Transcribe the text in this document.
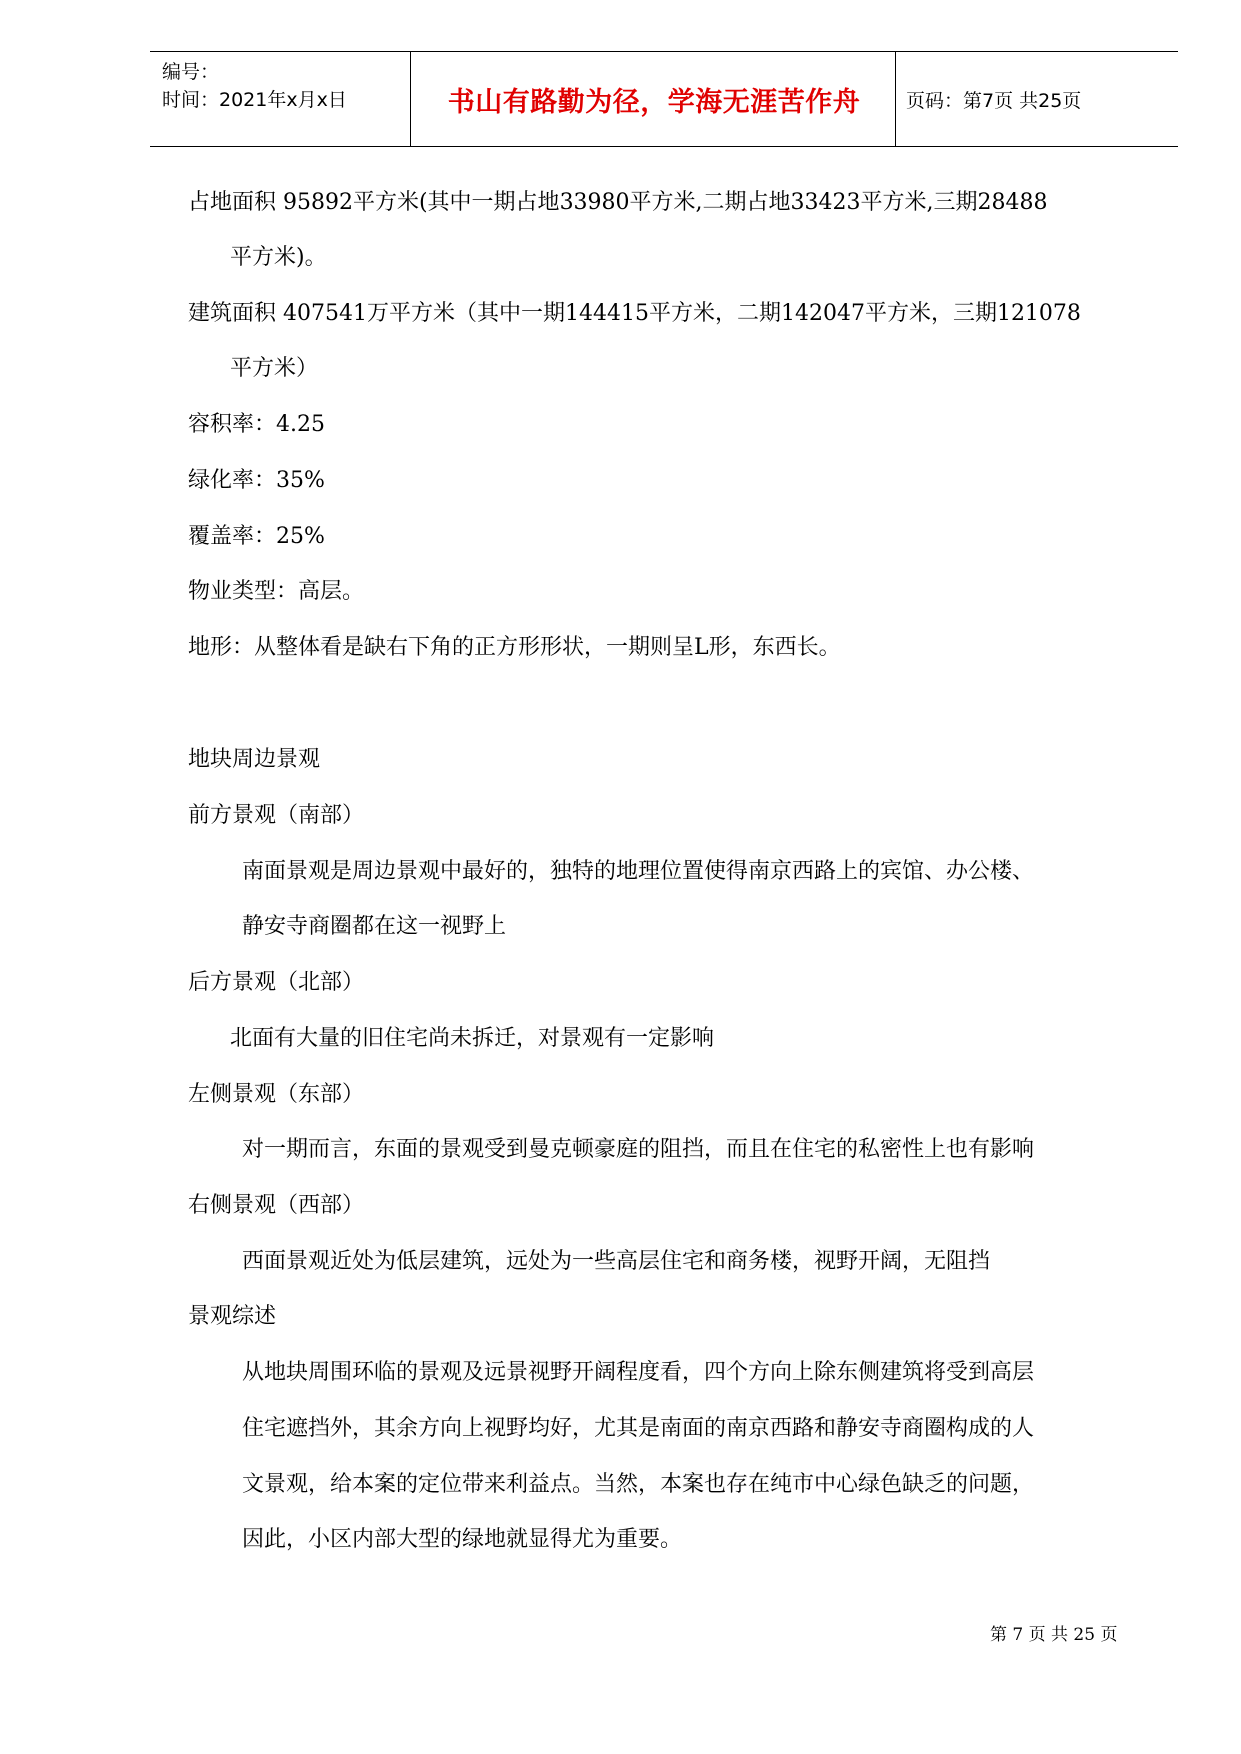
编号：
时间：2021年x月x日	书山有路勤为径，学海无涯苦作舟	页码：第7页 共25页
占地面积 95892平方米(其中一期占地33980平方米,二期占地33423平方米,三期28488
平方米)。
建筑面积 407541万平方米（其中一期144415平方米，二期142047平方米，三期121078
平方米）
容积率：4.25
绿化率：35%
覆盖率：25%
物业类型：高层。
地形：从整体看是缺右下角的正方形形状，一期则呈L形，东西长。
地块周边景观
前方景观（南部）
南面景观是周边景观中最好的，独特的地理位置使得南京西路上的宾馆、办公楼、
静安寺商圈都在这一视野上
后方景观（北部）
北面有大量的旧住宅尚未拆迁，对景观有一定影响
左侧景观（东部）
对一期而言，东面的景观受到曼克顿豪庭的阻挡，而且在住宅的私密性上也有影响
右侧景观（西部）
西面景观近处为低层建筑，远处为一些高层住宅和商务楼，视野开阔，无阻挡
景观综述
从地块周围环临的景观及远景视野开阔程度看，四个方向上除东侧建筑将受到高层
住宅遮挡外，其余方向上视野均好，尤其是南面的南京西路和静安寺商圈构成的人
文景观，给本案的定位带来利益点。当然，本案也存在纯市中心绿色缺乏的问题，
因此，小区内部大型的绿地就显得尤为重要。
第 7 页 共 25 页
